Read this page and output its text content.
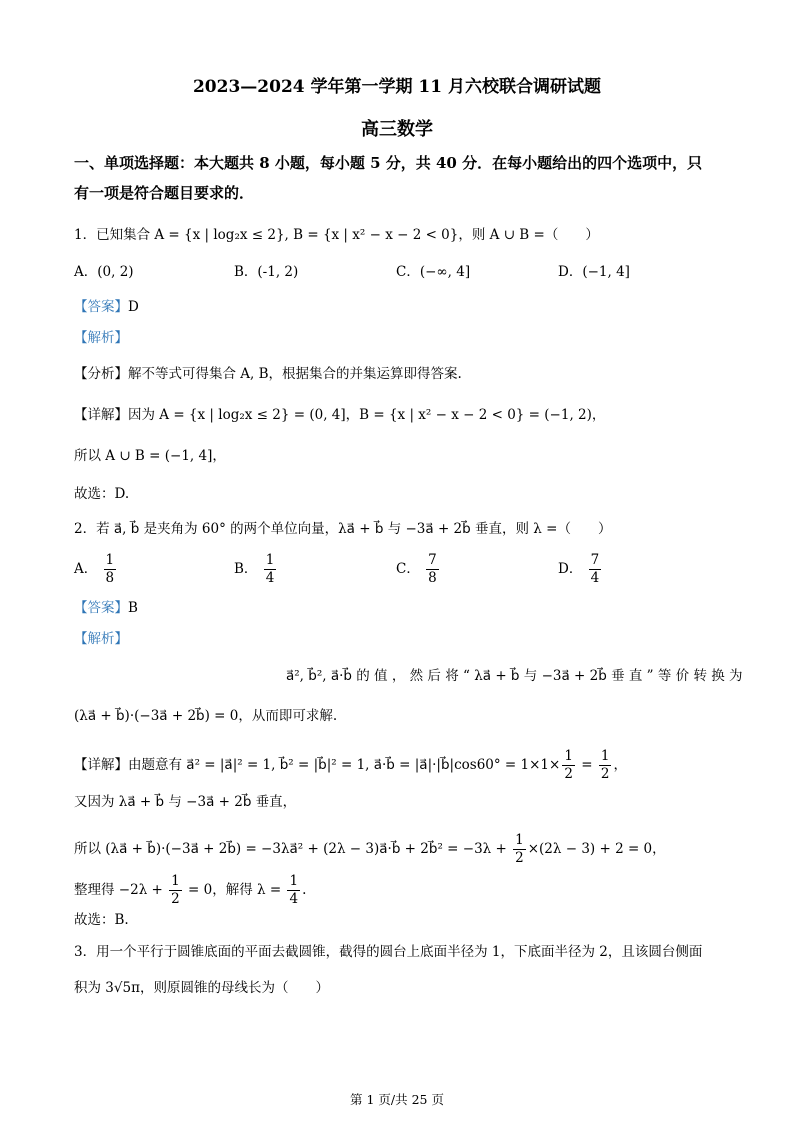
2023—2024 学年第一学期 11 月六校联合调研试题
高三数学
一、单项选择题：本大题共 8 小题，每小题 5 分，共 40 分．在每小题给出的四个选项中，只
有一项是符合题目要求的．
1．已知集合 A = {x | log₂x ≤ 2}, B = {x | x² − x − 2 < 0}，则 A ∪ B =（　　）
A．(0, 2)	B．(-1, 2)	C．(−∞, 4]	D．(−1, 4]
【答案】D
【解析】
【分析】解不等式可得集合 A, B，根据集合的并集运算即得答案.
【详解】因为 A = {x | log₂x ≤ 2} = (0, 4]，B = {x | x² − x − 2 < 0} = (−1, 2)，
所以 A ∪ B = (−1, 4]，
故选：D.
2．若 a⃗, b⃗ 是夹角为 60° 的两个单位向量，λa⃗ + b⃗ 与 −3a⃗ + 2b⃗ 垂直，则 λ =（　　）
A． $\frac{1}{8}$	B． $\frac{1}{4}$	C． $\frac{7}{8}$	D． $\frac{7}{4}$
【答案】B
【解析】
a⃗², b⃗², a⃗·b⃗ 的 值 ， 然 后 将 “ λa⃗ + b⃗ 与 −3a⃗ + 2b⃗ 垂 直 ” 等 价 转 换 为
(λa⃗ + b⃗)·(−3a⃗ + 2b⃗) = 0，从而即可求解.
【详解】由题意有 a⃗² = |a⃗|² = 1, b⃗² = |b⃗|² = 1, a⃗·b⃗ = |a⃗|·|b⃗|cos60° = $1\times 1\times \frac{1}{2} = \frac{1}{2}$ ，
又因为 λa⃗ + b⃗ 与 −3a⃗ + 2b⃗ 垂直，
所以 (λa⃗ + b⃗)·(−3a⃗ + 2b⃗) = −3λa⃗² + (2λ − 3)a⃗·b⃗ + 2b⃗² = $-3\lambda + \frac{1}{2} \times(2\lambda - 3) + 2 = 0$，
整理得 $-2\lambda + \frac{1}{2} = 0$，解得 $\lambda = \frac{1}{4}$ .
故选：B.
3．用一个平行于圆锥底面的平面去截圆锥，截得的圆台上底面半径为 1，下底面半径为 2，且该圆台侧面
积为 3√5π，则原圆锥的母线长为（　　）
第 1 页/共 25 页
